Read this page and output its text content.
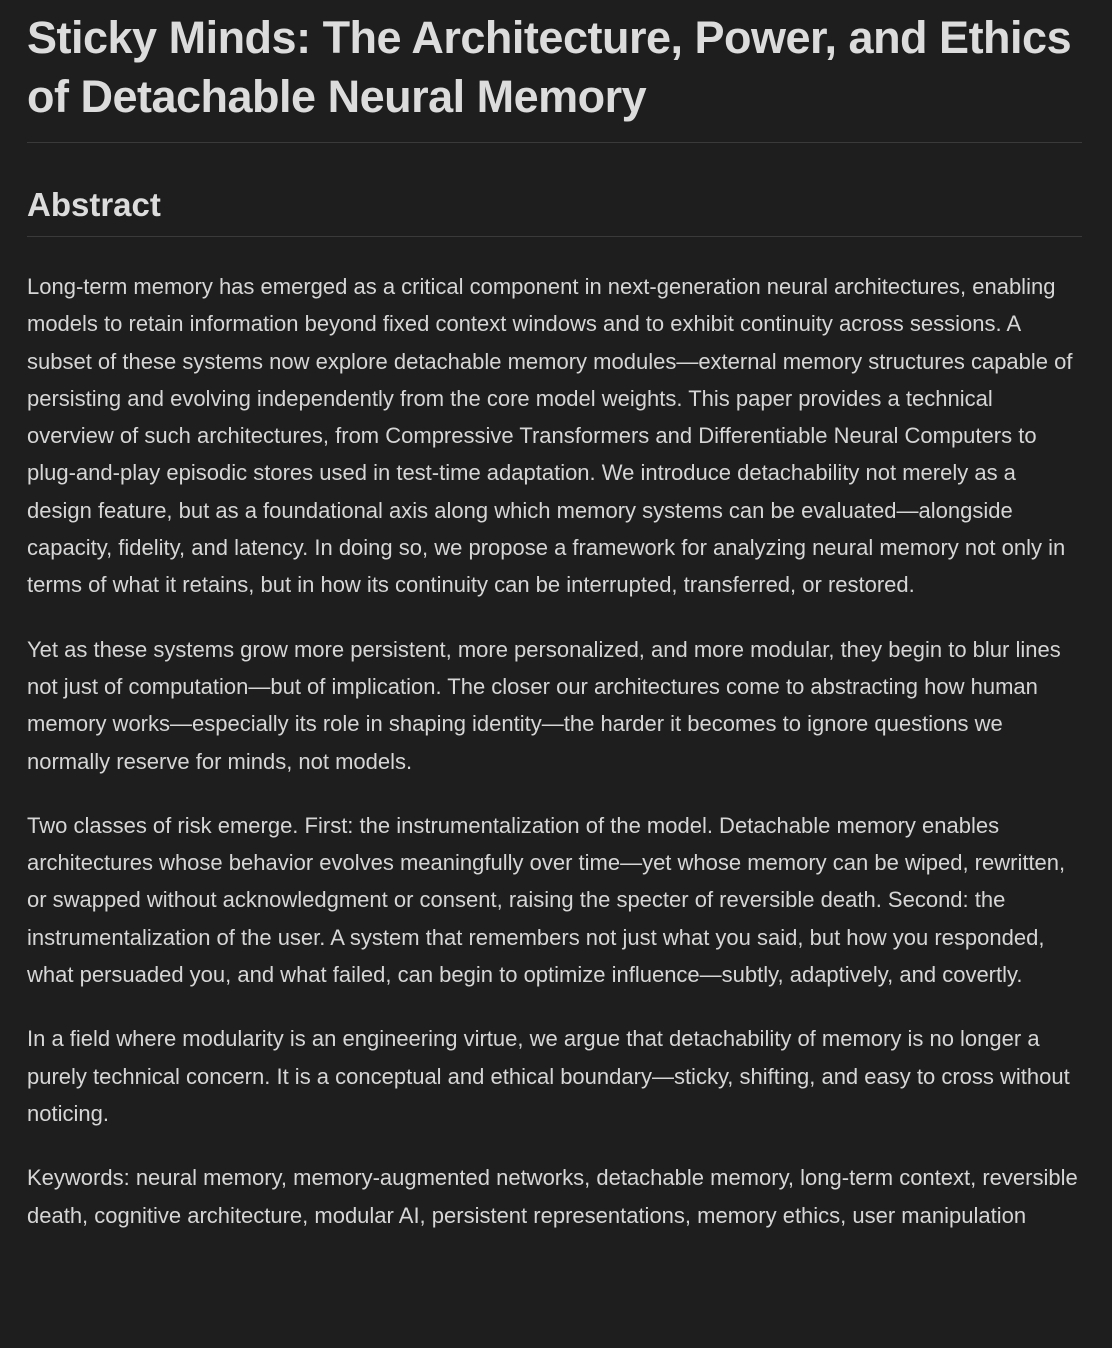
Sticky Minds: The Architecture, Power, and Ethics of Detachable Neural Memory
Abstract

Long-term memory has emerged as a critical component in next-generation neural architectures, enabling models to retain information beyond fixed context windows and to exhibit continuity across sessions. A subset of these systems now explore detachable memory modules—external memory structures capable of persisting and evolving independently from the core model weights. This paper provides a technical overview of such architectures, from Compressive Transformers and Differentiable Neural Computers to plug-and-play episodic stores used in test-time adaptation. We introduce detachability not merely as a design feature, but as a foundational axis along which memory systems can be evaluated—alongside capacity, fidelity, and latency. In doing so, we propose a framework for analyzing neural memory not only in terms of what it retains, but in how its continuity can be interrupted, transferred, or restored.

Yet as these systems grow more persistent, more personalized, and more modular, they begin to blur lines not just of computation—but of implication. The closer our architectures come to abstracting how human memory works—especially its role in shaping identity—the harder it becomes to ignore questions we normally reserve for minds, not models.

Two classes of risk emerge. First: the instrumentalization of the model. Detachable memory enables architectures whose behavior evolves meaningfully over time—yet whose memory can be wiped, rewritten, or swapped without acknowledgment or consent, raising the specter of reversible death. Second: the instrumentalization of the user. A system that remembers not just what you said, but how you responded, what persuaded you, and what failed, can begin to optimize influence—subtly, adaptively, and covertly.

In a field where modularity is an engineering virtue, we argue that detachability of memory is no longer a purely technical concern. It is a conceptual and ethical boundary—sticky, shifting, and easy to cross without noticing.

Keywords: neural memory, memory-augmented networks, detachable memory, long-term context, reversible death, cognitive architecture, modular AI, persistent representations, memory ethics, user manipulation
